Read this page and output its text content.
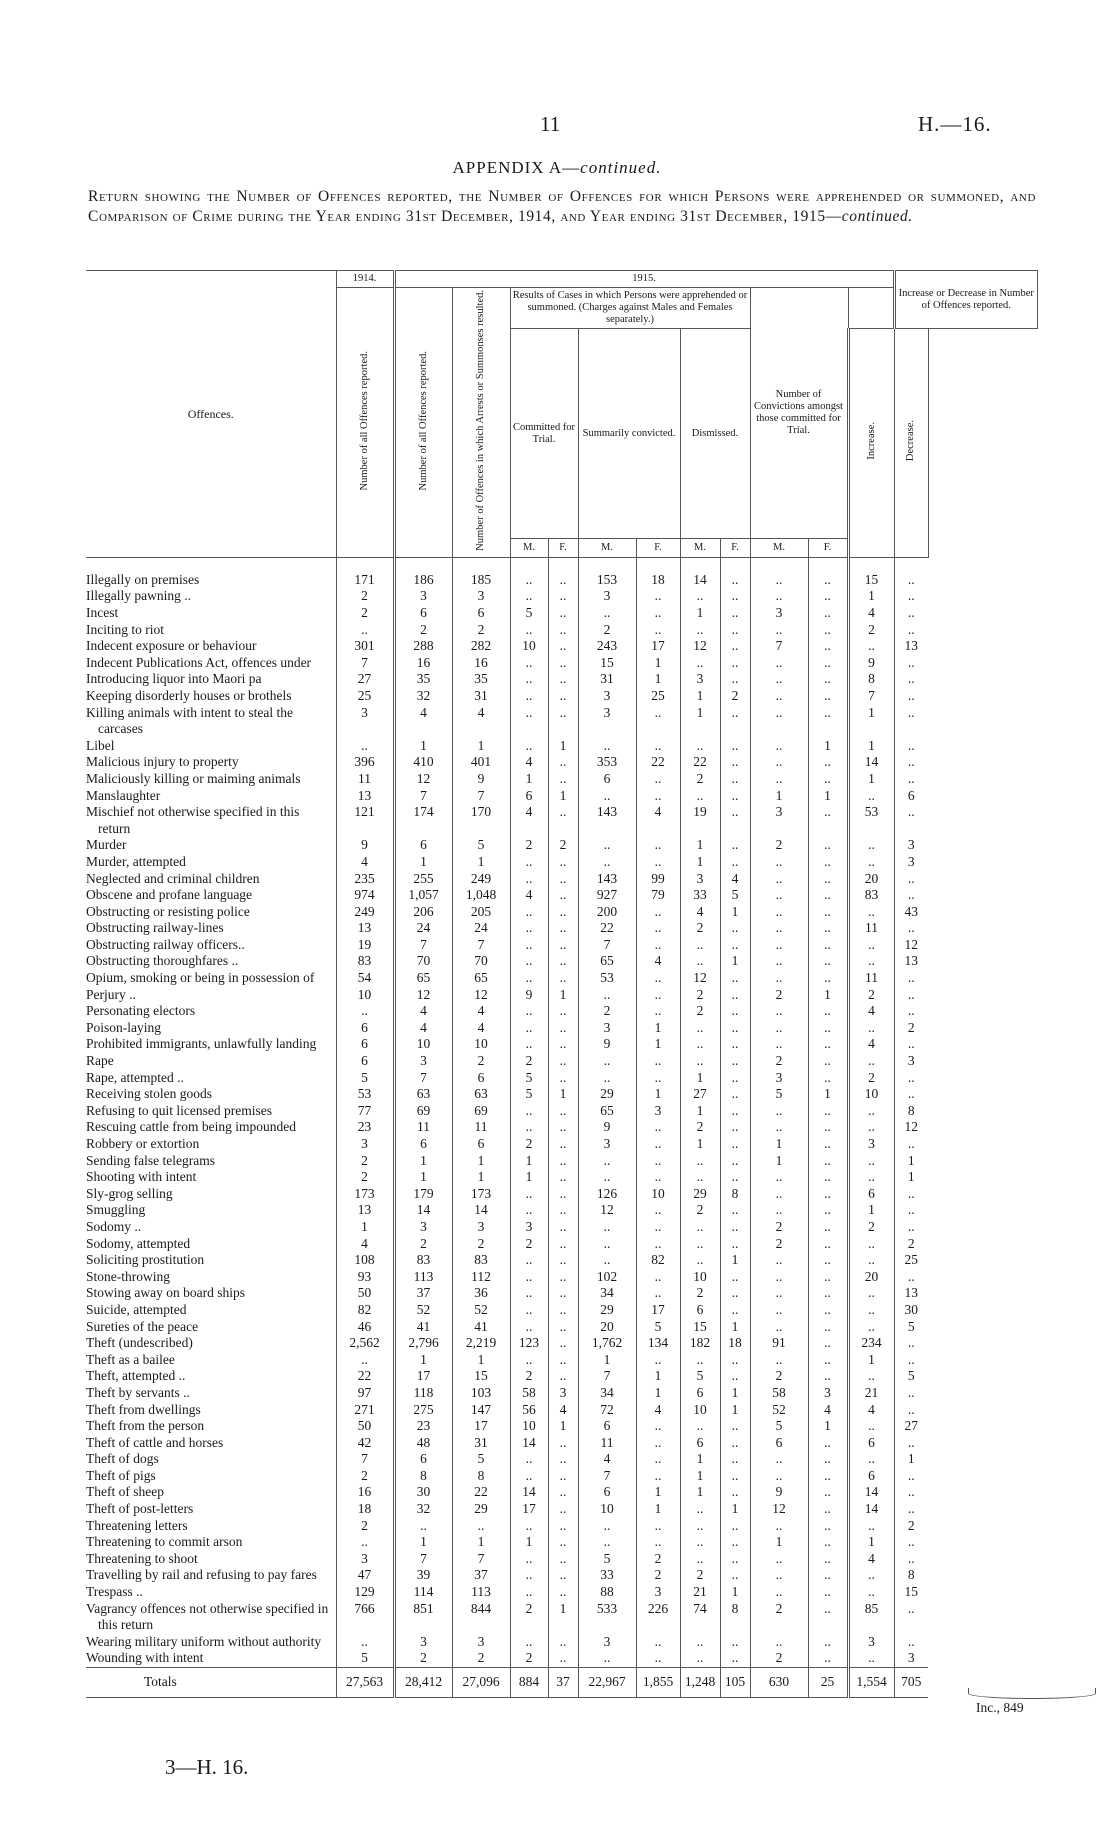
11	H.—16.
APPENDIX A—continued.
Return showing the Number of Offences reported, the Number of Offences for which Persons were apprehended or summoned, and Comparison of Crime during the Year ending 31st December, 1914, and Year ending 31st December, 1915—continued.
Offences.	1914.	1915.											Increase or Decrease in Number of Offences reported.
	Number of all Offences reported.	Number of all Offences reported.	Number of Offences in which Arrests or Summonses resulted.	Results of Cases in which Persons were apprehended or summoned. (Charges against Males and Females separately.)						Number of Convictions amongst those committed for Trial.			
				Committed for Trial.		Summarily convicted.		Dismissed.				Increase.	Decrease.
				M.	F.	M.	F.	M.	F.	M.	F.		

Illegally on premises	171	186	185	..	..	153	18	14	..	..	..	15	..

Illegally pawning ..	2	3	3	..	..	3	..	..	..	..	..	1	..

Incest	2	6	6	5	..	..	..	1	..	3	..	4	..

Inciting to riot	..	2	2	..	..	2	..	..	..	..	..	2	..

Indecent exposure or behaviour	301	288	282	10	..	243	17	12	..	7	..	..	13

Indecent Publications Act, offences under	7	16	16	..	..	15	1	..	..	..	..	9	..

Introducing liquor into Maori pa	27	35	35	..	..	31	1	3	..	..	..	8	..

Keeping disorderly houses or brothels	25	32	31	..	..	3	25	1	2	..	..	7	..

Killing animals with intent to steal the carcases	3	4	4	..	..	3	..	1	..	..	..	1	..

Libel	..	1	1	..	1	..	..	..	..	..	1	1	..

Malicious injury to property	396	410	401	4	..	353	22	22	..	..	..	14	..

Maliciously killing or maiming animals	11	12	9	1	..	6	..	2	..	..	..	1	..

Manslaughter	13	7	7	6	1	..	..	..	..	1	1	..	6

Mischief not otherwise specified in this return	121	174	170	4	..	143	4	19	..	3	..	53	..

Murder	9	6	5	2	2	..	..	1	..	2	..	..	3

Murder, attempted	4	1	1	..	..	..	..	1	..	..	..	..	3

Neglected and criminal children	235	255	249	..	..	143	99	3	4	..	..	20	..

Obscene and profane language	974	1,057	1,048	4	..	927	79	33	5	..	..	83	..

Obstructing or resisting police	249	206	205	..	..	200	..	4	1	..	..	..	43

Obstructing railway-lines	13	24	24	..	..	22	..	2	..	..	..	11	..

Obstructing railway officers..	19	7	7	..	..	7	..	..	..	..	..	..	12

Obstructing thoroughfares ..	83	70	70	..	..	65	4	..	1	..	..	..	13

Opium, smoking or being in possession of	54	65	65	..	..	53	..	12	..	..	..	11	..

Perjury ..	10	12	12	9	1	..	..	2	..	2	1	2	..

Personating electors	..	4	4	..	..	2	..	2	..	..	..	4	..

Poison-laying	6	4	4	..	..	3	1	..	..	..	..	..	2

Prohibited immigrants, unlawfully landing	6	10	10	..	..	9	1	..	..	..	..	4	..

Rape	6	3	2	2	..	..	..	..	..	2	..	..	3

Rape, attempted ..	5	7	6	5	..	..	..	1	..	3	..	2	..

Receiving stolen goods	53	63	63	5	1	29	1	27	..	5	1	10	..

Refusing to quit licensed premises	77	69	69	..	..	65	3	1	..	..	..	..	8

Rescuing cattle from being impounded	23	11	11	..	..	9	..	2	..	..	..	..	12

Robbery or extortion	3	6	6	2	..	3	..	1	..	1	..	3	..

Sending false telegrams	2	1	1	1	..	..	..	..	..	1	..	..	1

Shooting with intent	2	1	1	1	..	..	..	..	..	..	..	..	1

Sly-grog selling	173	179	173	..	..	126	10	29	8	..	..	6	..

Smuggling	13	14	14	..	..	12	..	2	..	..	..	1	..

Sodomy ..	1	3	3	3	..	..	..	..	..	2	..	2	..

Sodomy, attempted	4	2	2	2	..	..	..	..	..	2	..	..	2

Soliciting prostitution	108	83	83	..	..	..	82	..	1	..	..	..	25

Stone-throwing	93	113	112	..	..	102	..	10	..	..	..	20	..

Stowing away on board ships	50	37	36	..	..	34	..	2	..	..	..	..	13

Suicide, attempted	82	52	52	..	..	29	17	6	..	..	..	..	30

Sureties of the peace	46	41	41	..	..	20	5	15	1	..	..	..	5

Theft (undescribed)	2,562	2,796	2,219	123	..	1,762	134	182	18	91	..	234	..

Theft as a bailee	..	1	1	..	..	1	..	..	..	..	..	1	..

Theft, attempted ..	22	17	15	2	..	7	1	5	..	2	..	..	5

Theft by servants ..	97	118	103	58	3	34	1	6	1	58	3	21	..

Theft from dwellings	271	275	147	56	4	72	4	10	1	52	4	4	..

Theft from the person	50	23	17	10	1	6	..	..	..	5	1	..	27

Theft of cattle and horses	42	48	31	14	..	11	..	6	..	6	..	6	..

Theft of dogs	7	6	5	..	..	4	..	1	..	..	..	..	1

Theft of pigs	2	8	8	..	..	7	..	1	..	..	..	6	..

Theft of sheep	16	30	22	14	..	6	1	1	..	9	..	14	..

Theft of post-letters	18	32	29	17	..	10	1	..	1	12	..	14	..

Threatening letters	2	..	..	..	..	..	..	..	..	..	..	..	2

Threatening to commit arson	..	1	1	1	..	..	..	..	..	1	..	1	..

Threatening to shoot	3	7	7	..	..	5	2	..	..	..	..	4	..

Travelling by rail and refusing to pay fares	47	39	37	..	..	33	2	2	..	..	..	..	8

Trespass ..	129	114	113	..	..	88	3	21	1	..	..	..	15

Vagrancy offences not otherwise specified in this return	766	851	844	2	1	533	226	74	8	2	..	85	..

Wearing military uniform without authority	..	3	3	..	..	3	..	..	..	..	..	3	..

Wounding with intent	5	2	2	2	..	..	..	..	..	2	..	..	3

Totals	27,563	28,412	27,096	884	37	22,967	1,855	1,248	105	630	25	1,554	705
Inc., 849
3—H. 16.
